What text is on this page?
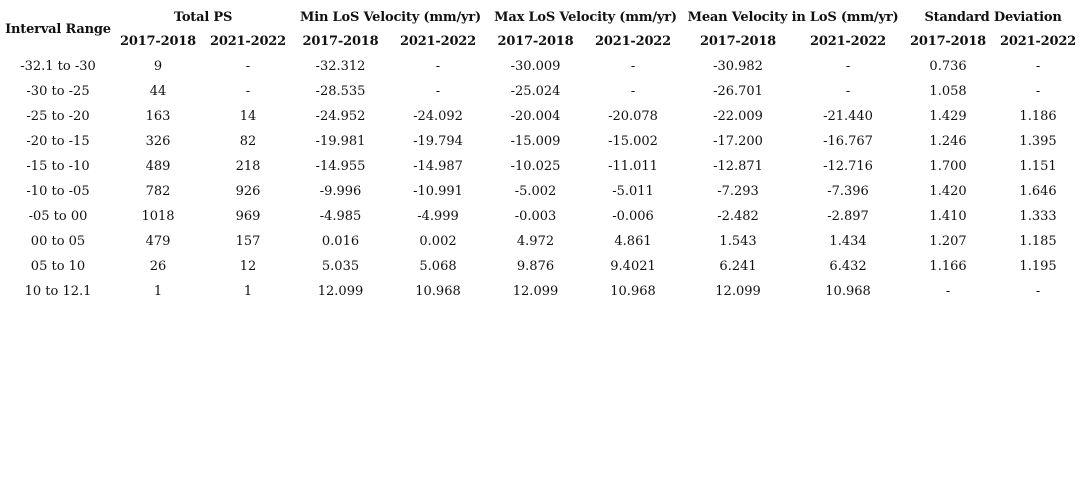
Interval Range	Total PS		Min LoS Velocity (mm/yr)		Max LoS Velocity (mm/yr)		Mean Velocity in LoS (mm/yr)		Standard Deviation	
	2017-2018	2021-2022	2017-2018	2021-2022	2017-2018	2021-2022	2017-2018	2021-2022	2017-2018	2021-2022
-32.1 to -30	9	-	-32.312	-	-30.009	-	-30.982	-	0.736	-
-30 to -25	44	-	-28.535	-	-25.024	-	-26.701	-	1.058	-
-25 to -20	163	14	-24.952	-24.092	-20.004	-20.078	-22.009	-21.440	1.429	1.186
-20 to -15	326	82	-19.981	-19.794	-15.009	-15.002	-17.200	-16.767	1.246	1.395
-15 to -10	489	218	-14.955	-14.987	-10.025	-11.011	-12.871	-12.716	1.700	1.151
-10 to -05	782	926	-9.996	-10.991	-5.002	-5.011	-7.293	-7.396	1.420	1.646
-05 to 00	1018	969	-4.985	-4.999	-0.003	-0.006	-2.482	-2.897	1.410	1.333
00 to 05	479	157	0.016	0.002	4.972	4.861	1.543	1.434	1.207	1.185
05 to 10	26	12	5.035	5.068	9.876	9.4021	6.241	6.432	1.166	1.195
10 to 12.1	1	1	12.099	10.968	12.099	10.968	12.099	10.968	-	-
